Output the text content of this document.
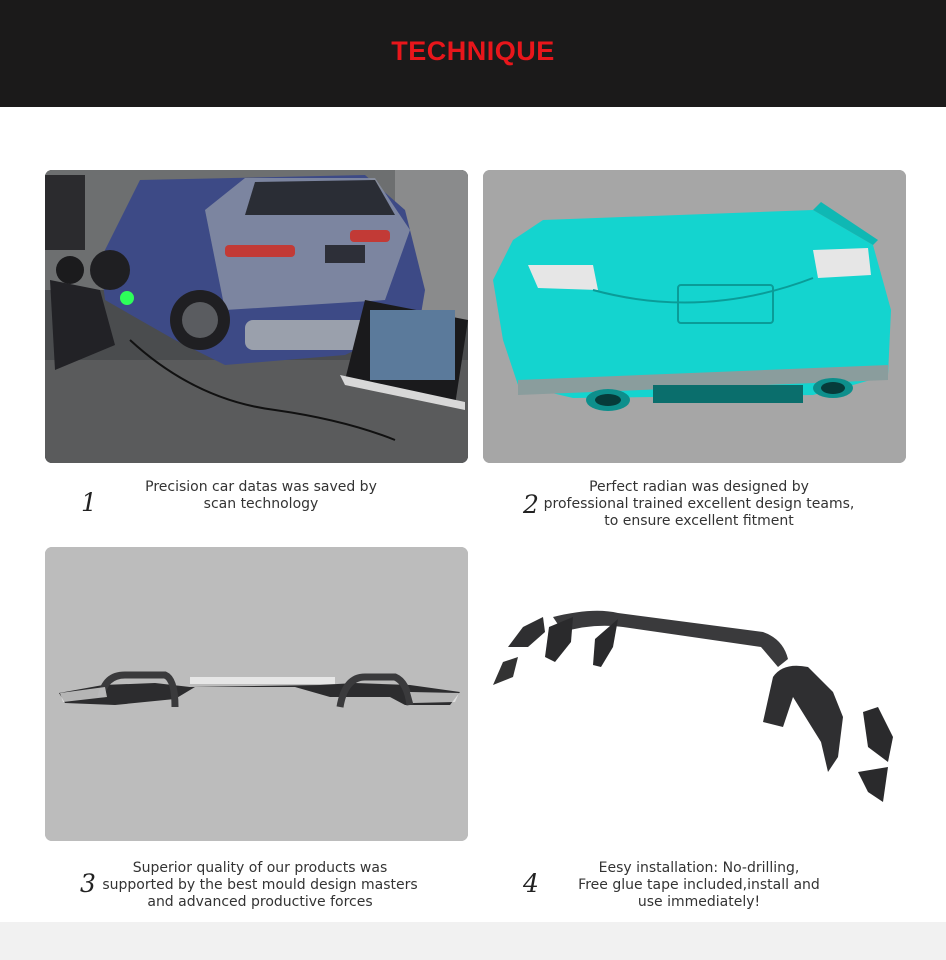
TECHNIQUE
1
Precision car datas was saved by
scan technology	2
Perfect radian was designed by
professional trained excellent design teams,
to ensure excellent fitment
3
Superior quality of our products was
supported by the best mould design masters
and advanced productive forces
4
Eesy installation: No-drilling,
Free glue tape included,install and
use immediately!
